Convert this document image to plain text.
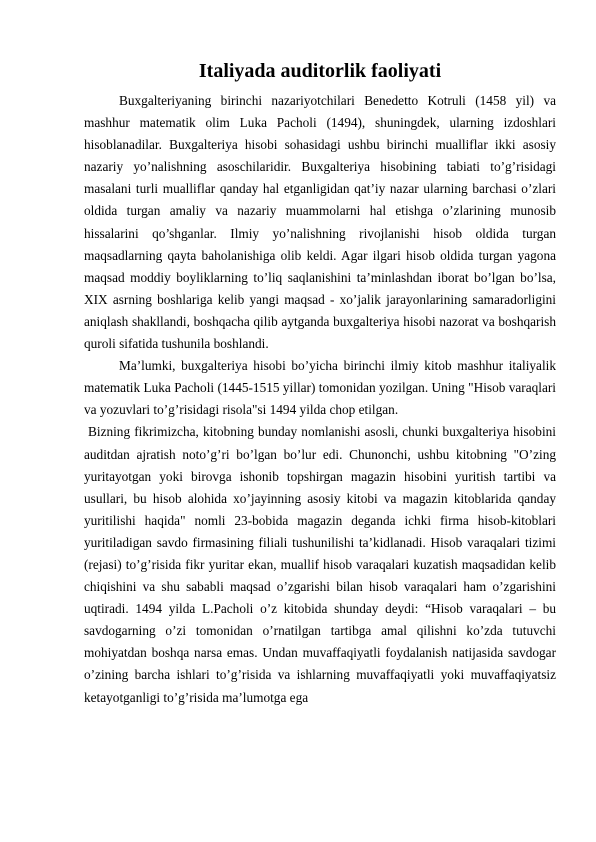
Italiyada auditorlik faoliyati

Buxgalteriyaning birinchi nazariyotchilari Benedetto Kotruli (1458 yil) va mashhur matematik olim Luka Pacholi (1494), shuningdek, ularning izdoshlari hisoblanadilar. Buxgalteriya hisobi sohasidagi ushbu birinchi mualliflar ikki asosiy nazariy yo’nalishning asoschilaridir. Buxgalteriya hisobining tabiati to’g’risidagi masalani turli mualliflar qanday hal etganligidan qat’iy nazar ularning barchasi o’zlari oldida turgan amaliy va nazariy muammolarni hal etishga o’zlarining munosib hissalarini qo’shganlar. Ilmiy yo’nalishning rivojlanishi hisob oldida turgan maqsadlarning qayta baholanishiga olib keldi. Agar ilgari hisob oldida turgan yagona maqsad moddiy boyliklarning to’liq saqlanishini ta’minlashdan iborat bo’lgan bo’lsa, XIX asrning boshlariga kelib yangi maqsad - xo’jalik jarayonlarining samaradorligini aniqlash shakllandi, boshqacha qilib aytganda buxgalteriya hisobi nazorat va boshqarish quroli sifatida tushunila boshlandi.

Ma’lumki, buxgalteriya hisobi bo’yicha birinchi ilmiy kitob mashhur italiyalik matematik Luka Pacholi (1445-1515 yillar) tomonidan yozilgan. Uning "Hisob varaqlari va yozuvlari to’g’risidagi risola"si 1494 yilda chop etilgan.

Bizning fikrimizcha, kitobning bunday nomlanishi asosli, chunki buxgalteriya hisobini auditdan ajratish noto’g’ri bo’lgan bo’lur edi. Chunonchi, ushbu kitobning "O’zing yuritayotgan yoki birovga ishonib topshirgan magazin hisobini yuritish tartibi va usullari, bu hisob alohida xo’jayinning asosiy kitobi va magazin kitoblarida qanday yuritilishi haqida" nomli 23-bobida magazin deganda ichki firma hisob-kitoblari yuritiladigan savdo firmasining filiali tushunilishi ta’kidlanadi. Hisob varaqalari tizimi (rejasi) to’g’risida fikr yuritar ekan, muallif hisob varaqalari kuzatish maqsadidan kelib chiqishini va shu sababli maqsad o’zgarishi bilan hisob varaqalari ham o’zgarishini uqtiradi. 1494 yilda L.Pacholi o’z kitobida shunday deydi: “Hisob varaqalari – bu savdogarning o’zi tomonidan o’rnatilgan tartibga amal qilishni ko’zda tutuvchi mohiyatdan boshqa narsa emas. Undan muvaffaqiyatli foydalanish natijasida savdogar o’zining barcha ishlari to’g’risida va ishlarning muvaffaqiyatli yoki muvaffaqiyatsiz ketayotganligi to’g’risida ma’lumotga ega
